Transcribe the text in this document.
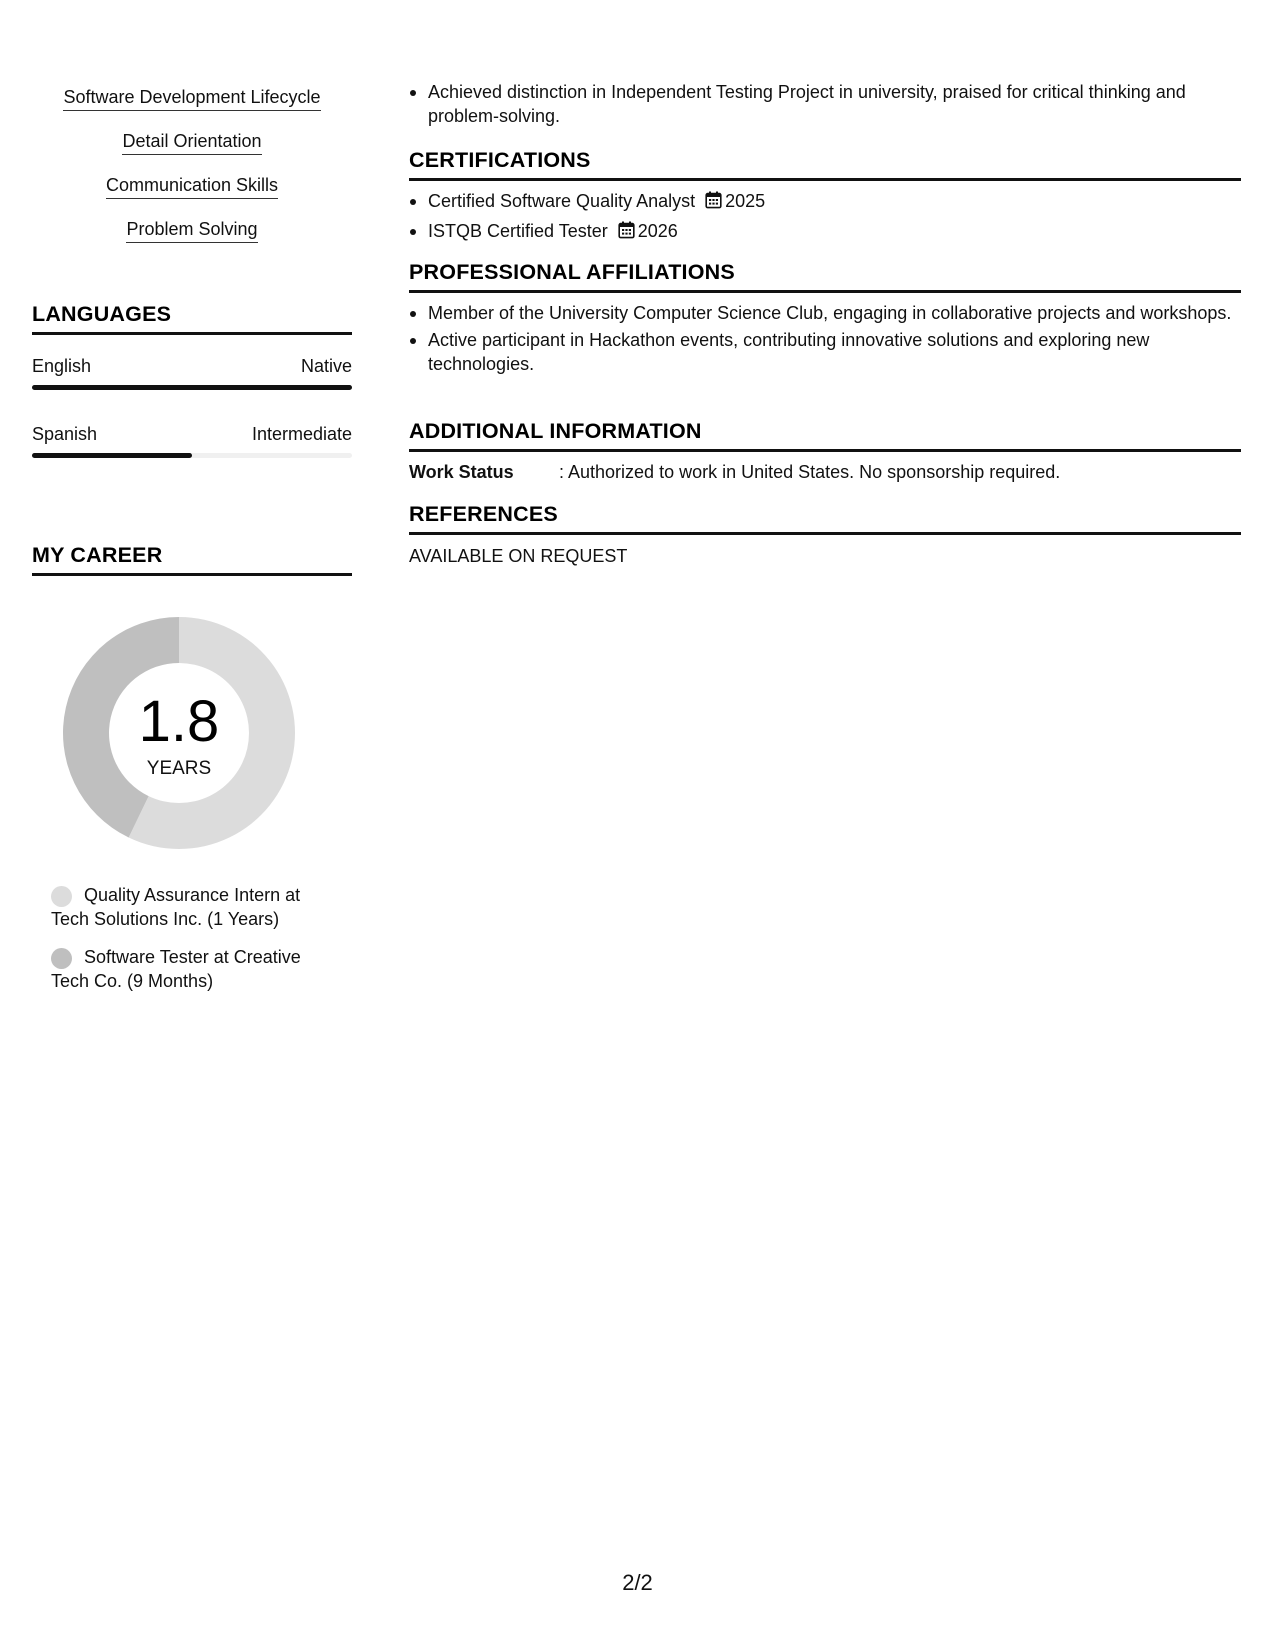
Software Development Lifecycle
Detail Orientation
Communication Skills
Problem Solving
LANGUAGES
English	Native
Spanish	Intermediate
MY CAREER
1.8
YEARS
Quality Assurance Intern at Tech Solutions Inc. (1 Years)
Software Tester at Creative Tech Co. (9 Months)
Achieved distinction in Independent Testing Project in university, praised for critical thinking and problem-solving.
CERTIFICATIONS
Certified Software Quality Analyst 2025
ISTQB Certified Tester 2026
PROFESSIONAL AFFILIATIONS
Member of the University Computer Science Club, engaging in collaborative projects and workshops.
Active participant in Hackathon events, contributing innovative solutions and exploring new technologies.
ADDITIONAL INFORMATION
Work Status	: Authorized to work in United States. No sponsorship required.
REFERENCES
AVAILABLE ON REQUEST
2/2
